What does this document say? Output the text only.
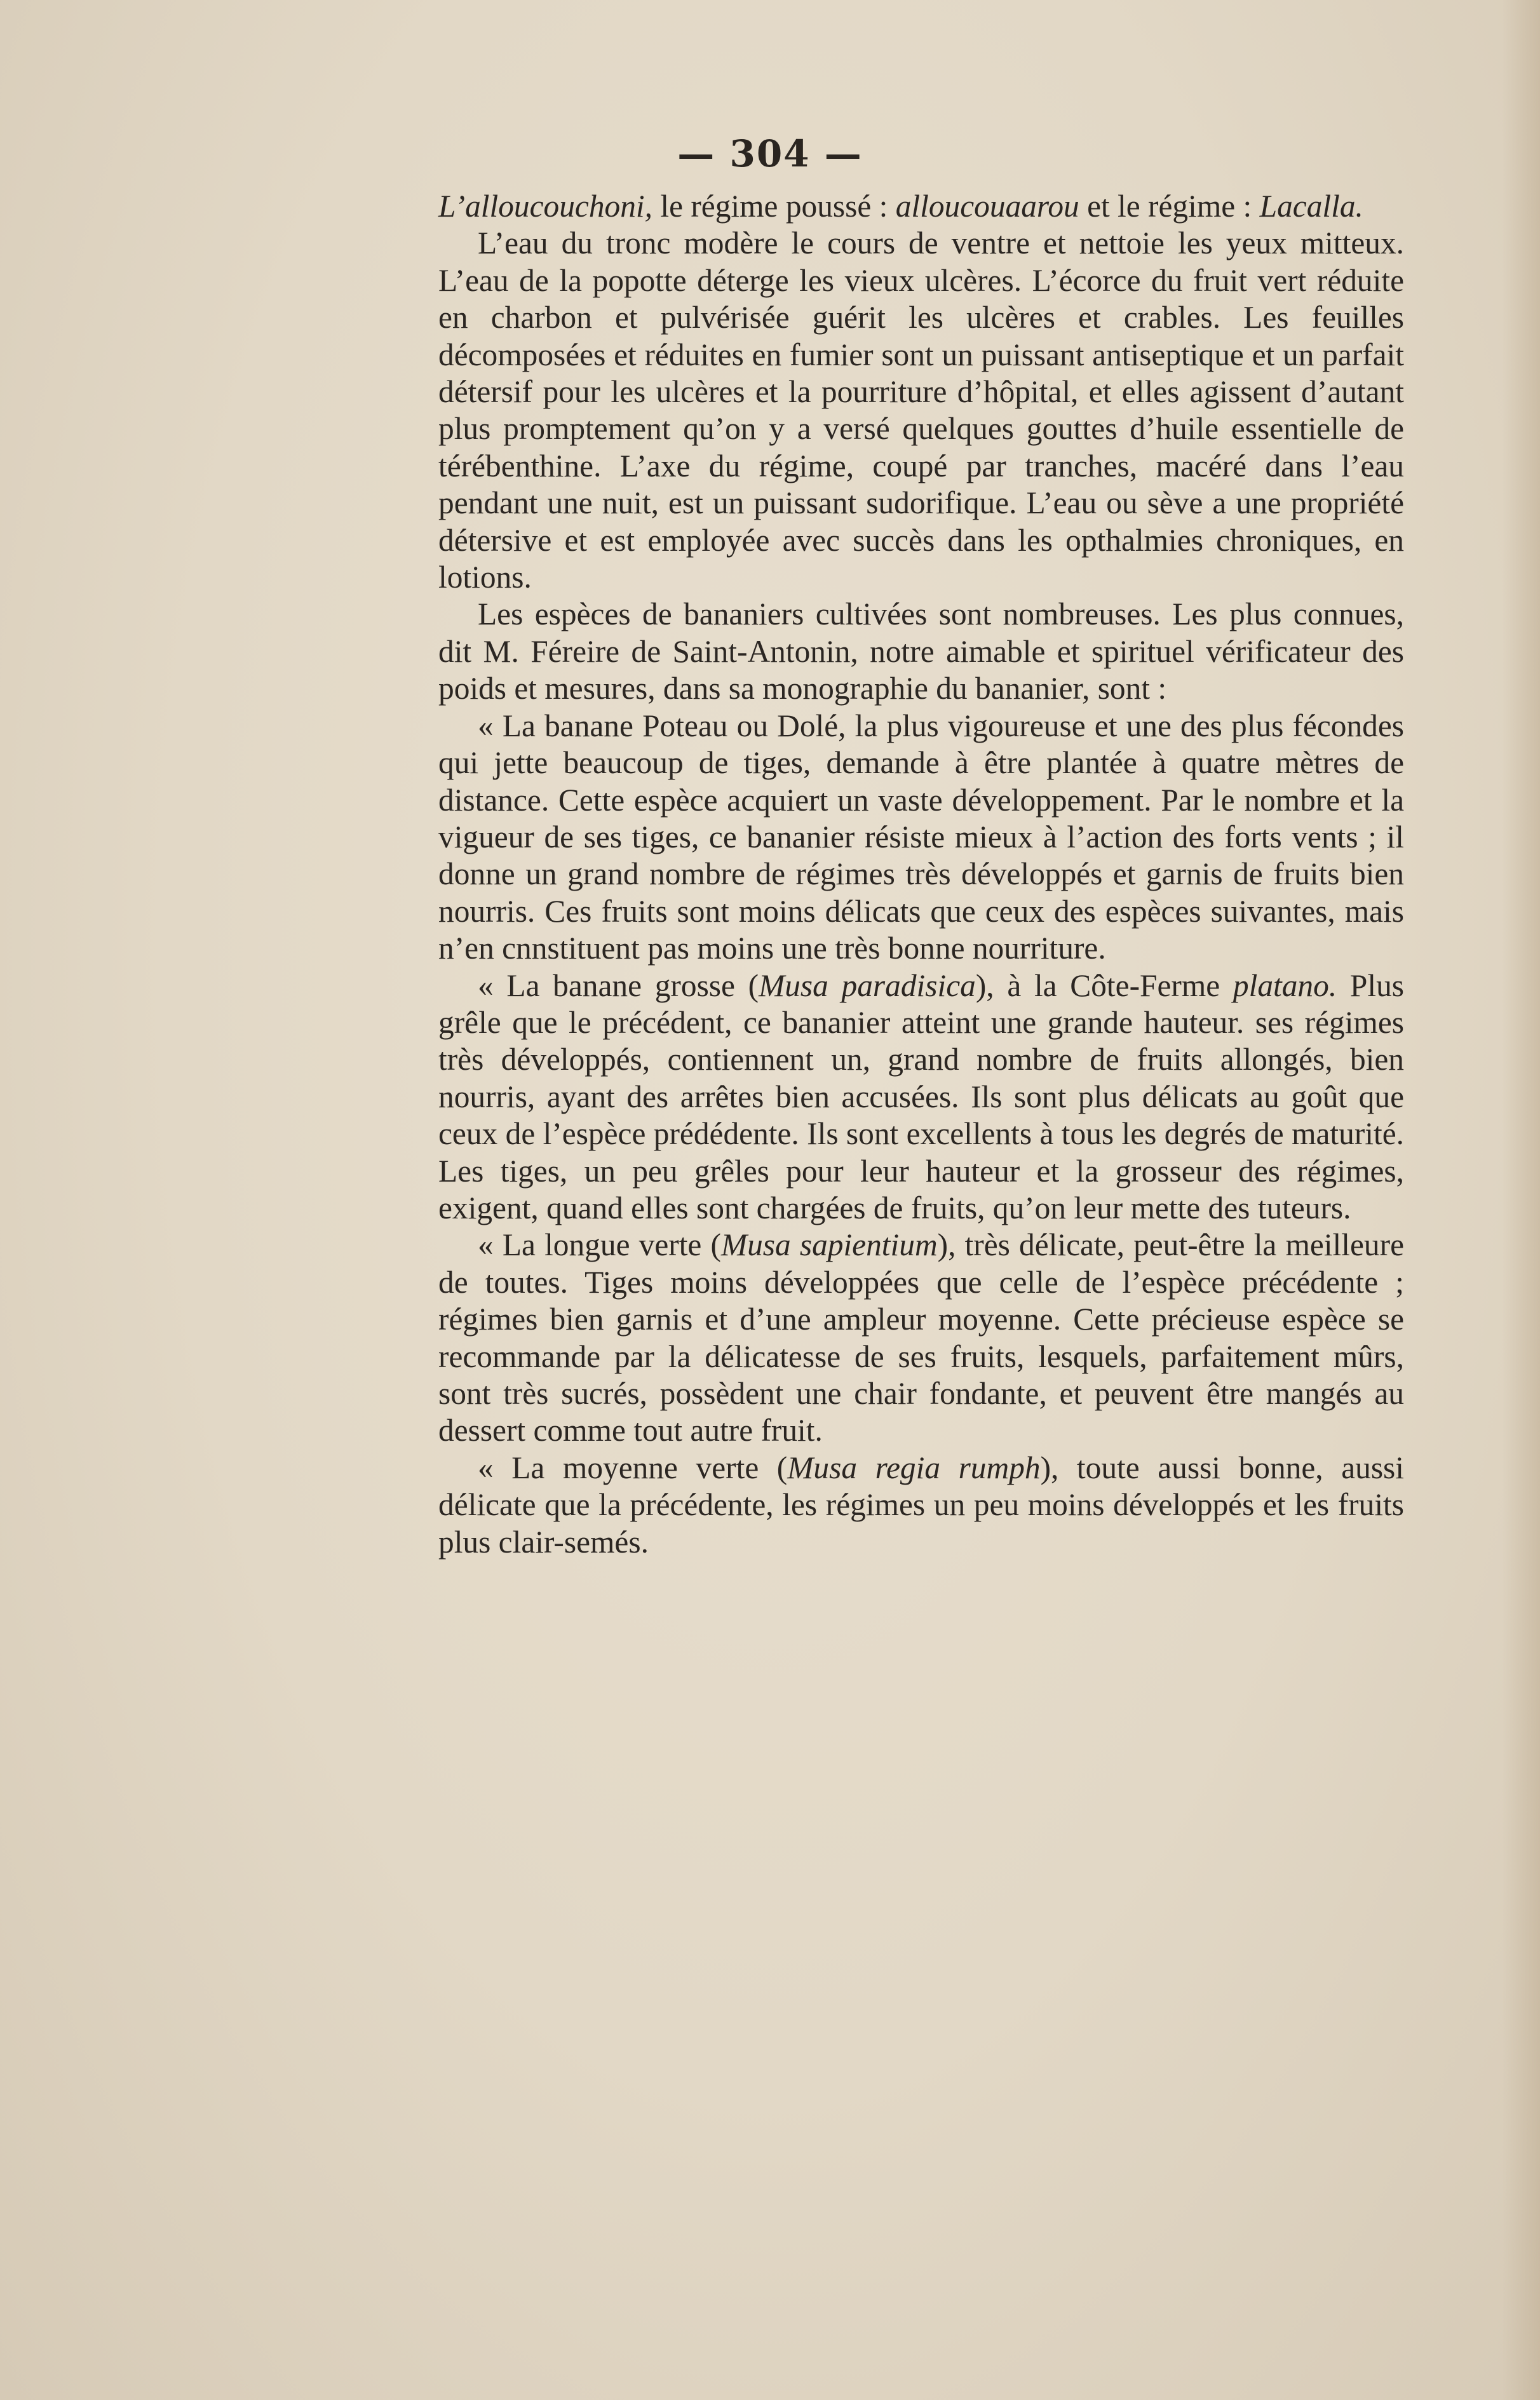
— 304 —

L’alloucouchoni, le régime poussé : alloucouaarou et le régime : Lacalla.

L’eau du tronc modère le cours de ventre et nettoie les yeux mitteux. L’eau de la popotte déterge les vieux ulcères. L’écorce du fruit vert réduite en charbon et pulvérisée guérit les ulcères et crables. Les feuilles décomposées et réduites en fumier sont un puissant antiseptique et un parfait détersif pour les ulcères et la pourriture d’hôpital, et elles agissent d’autant plus promptement qu’on y a versé quelques gouttes d’huile essentielle de térébenthine. L’axe du régime, coupé par tranches, macéré dans l’eau pendant une nuit, est un puissant sudorifique. L’eau ou sève a une propriété détersive et est employée avec succès dans les opthalmies chroniques, en lotions.

Les espèces de bananiers cultivées sont nombreuses. Les plus connues, dit M. Féreire de Saint-Antonin, notre aimable et spirituel vérificateur des poids et mesures, dans sa monographie du bananier, sont :

« La banane Poteau ou Dolé, la plus vigoureuse et une des plus fécondes qui jette beaucoup de tiges, demande à être plantée à quatre mètres de distance. Cette espèce acquiert un vaste développement. Par le nombre et la vigueur de ses tiges, ce bananier résiste mieux à l’action des forts vents ; il donne un grand nombre de régimes très développés et garnis de fruits bien nourris. Ces fruits sont moins délicats que ceux des espèces suivantes, mais n’en cnnstituent pas moins une très bonne nourriture.

« La banane grosse (Musa paradisica), à la Côte-Ferme platano. Plus grêle que le précédent, ce bananier atteint une grande hauteur. ses régimes très développés, contiennent un, grand nombre de fruits allongés, bien nourris, ayant des arrêtes bien accusées. Ils sont plus délicats au goût que ceux de l’espèce prédédente. Ils sont excellents à tous les degrés de maturité. Les tiges, un peu grêles pour leur hauteur et la grosseur des régimes, exigent, quand elles sont chargées de fruits, qu’on leur mette des tuteurs.

« La longue verte (Musa sapientium), très délicate, peut-être la meilleure de toutes. Tiges moins développées que celle de l’espèce précédente ; régimes bien garnis et d’une ampleur moyenne. Cette précieuse espèce se recommande par la délicatesse de ses fruits, lesquels, parfaitement mûrs, sont très sucrés, possèdent une chair fondante, et peuvent être mangés au dessert comme tout autre fruit.

« La moyenne verte (Musa regia rumph), toute aussi bonne, aussi délicate que la précédente, les régimes un peu moins développés et les fruits plus clair-semés.
